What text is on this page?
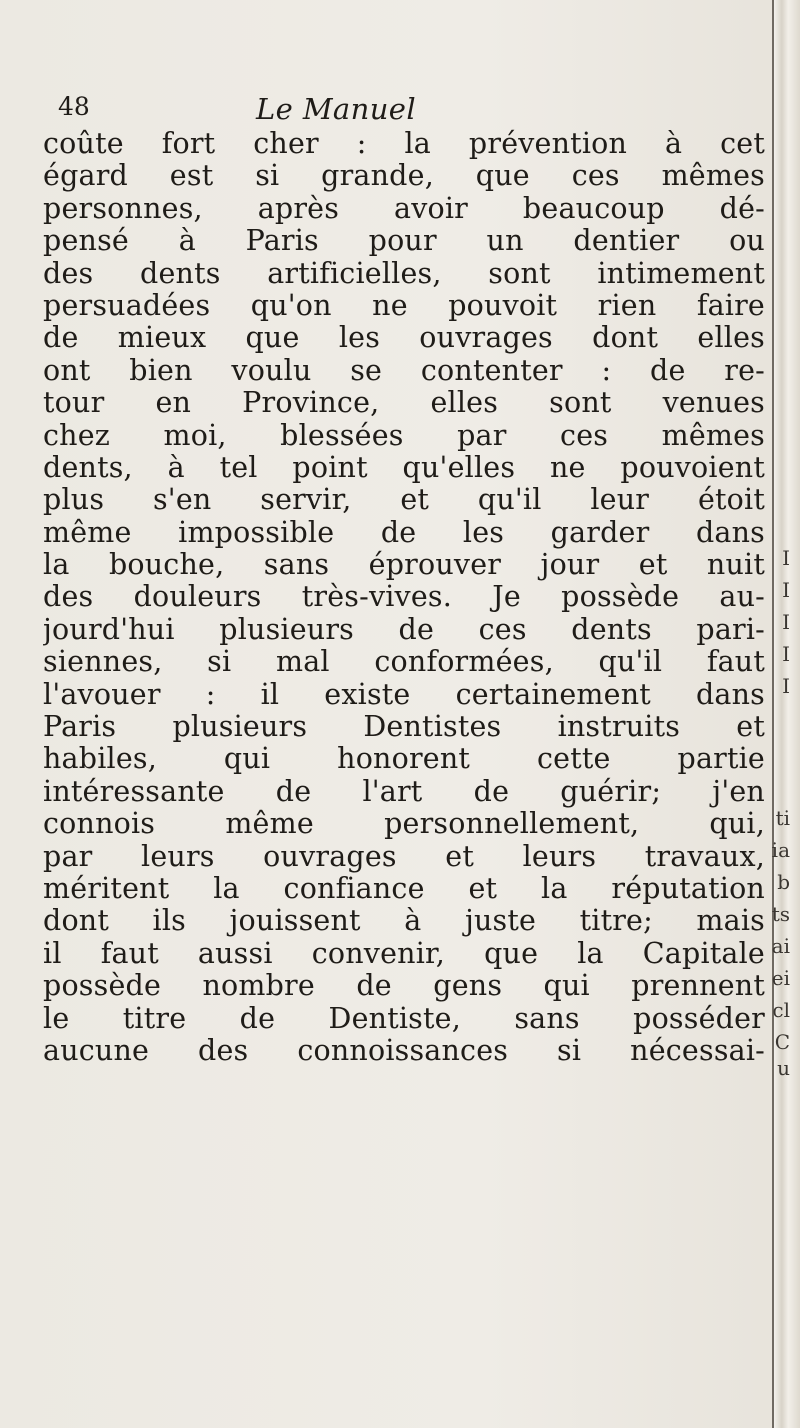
48	Le Manuel
coûte fort cher : la prévention à cet
égard est si grande, que ces mêmes
personnes, après avoir beaucoup dé-
pensé à Paris pour un dentier ou
des dents artificielles, sont intimement
persuadées qu'on ne pouvoit rien faire
de mieux que les ouvrages dont elles
ont bien voulu se contenter : de re-
tour en Province, elles sont venues
chez moi, blessées par ces mêmes
dents, à tel point qu'elles ne pouvoient
plus s'en servir, et qu'il leur étoit
même impossible de les garder dans
la bouche, sans éprouver jour et nuit
des douleurs très-vives. Je possède au-
jourd'hui plusieurs de ces dents pari-
siennes, si mal conformées, qu'il faut
l'avouer : il existe certainement dans
Paris plusieurs Dentistes instruits et
habiles, qui honorent cette partie
intéressante de l'art de guérir; j'en
connois même personnellement, qui,
par leurs ouvrages et leurs travaux,
méritent la confiance et la réputation
dont ils jouissent à juste titre; mais
il faut aussi convenir, que la Capitale
possède nombre de gens qui prennent
le titre de Dentiste, sans posséder
aucune des connoissances si nécessai-
I
I
I
I
I
ti
ia
b
ts
ai
ei
cl
C
u
